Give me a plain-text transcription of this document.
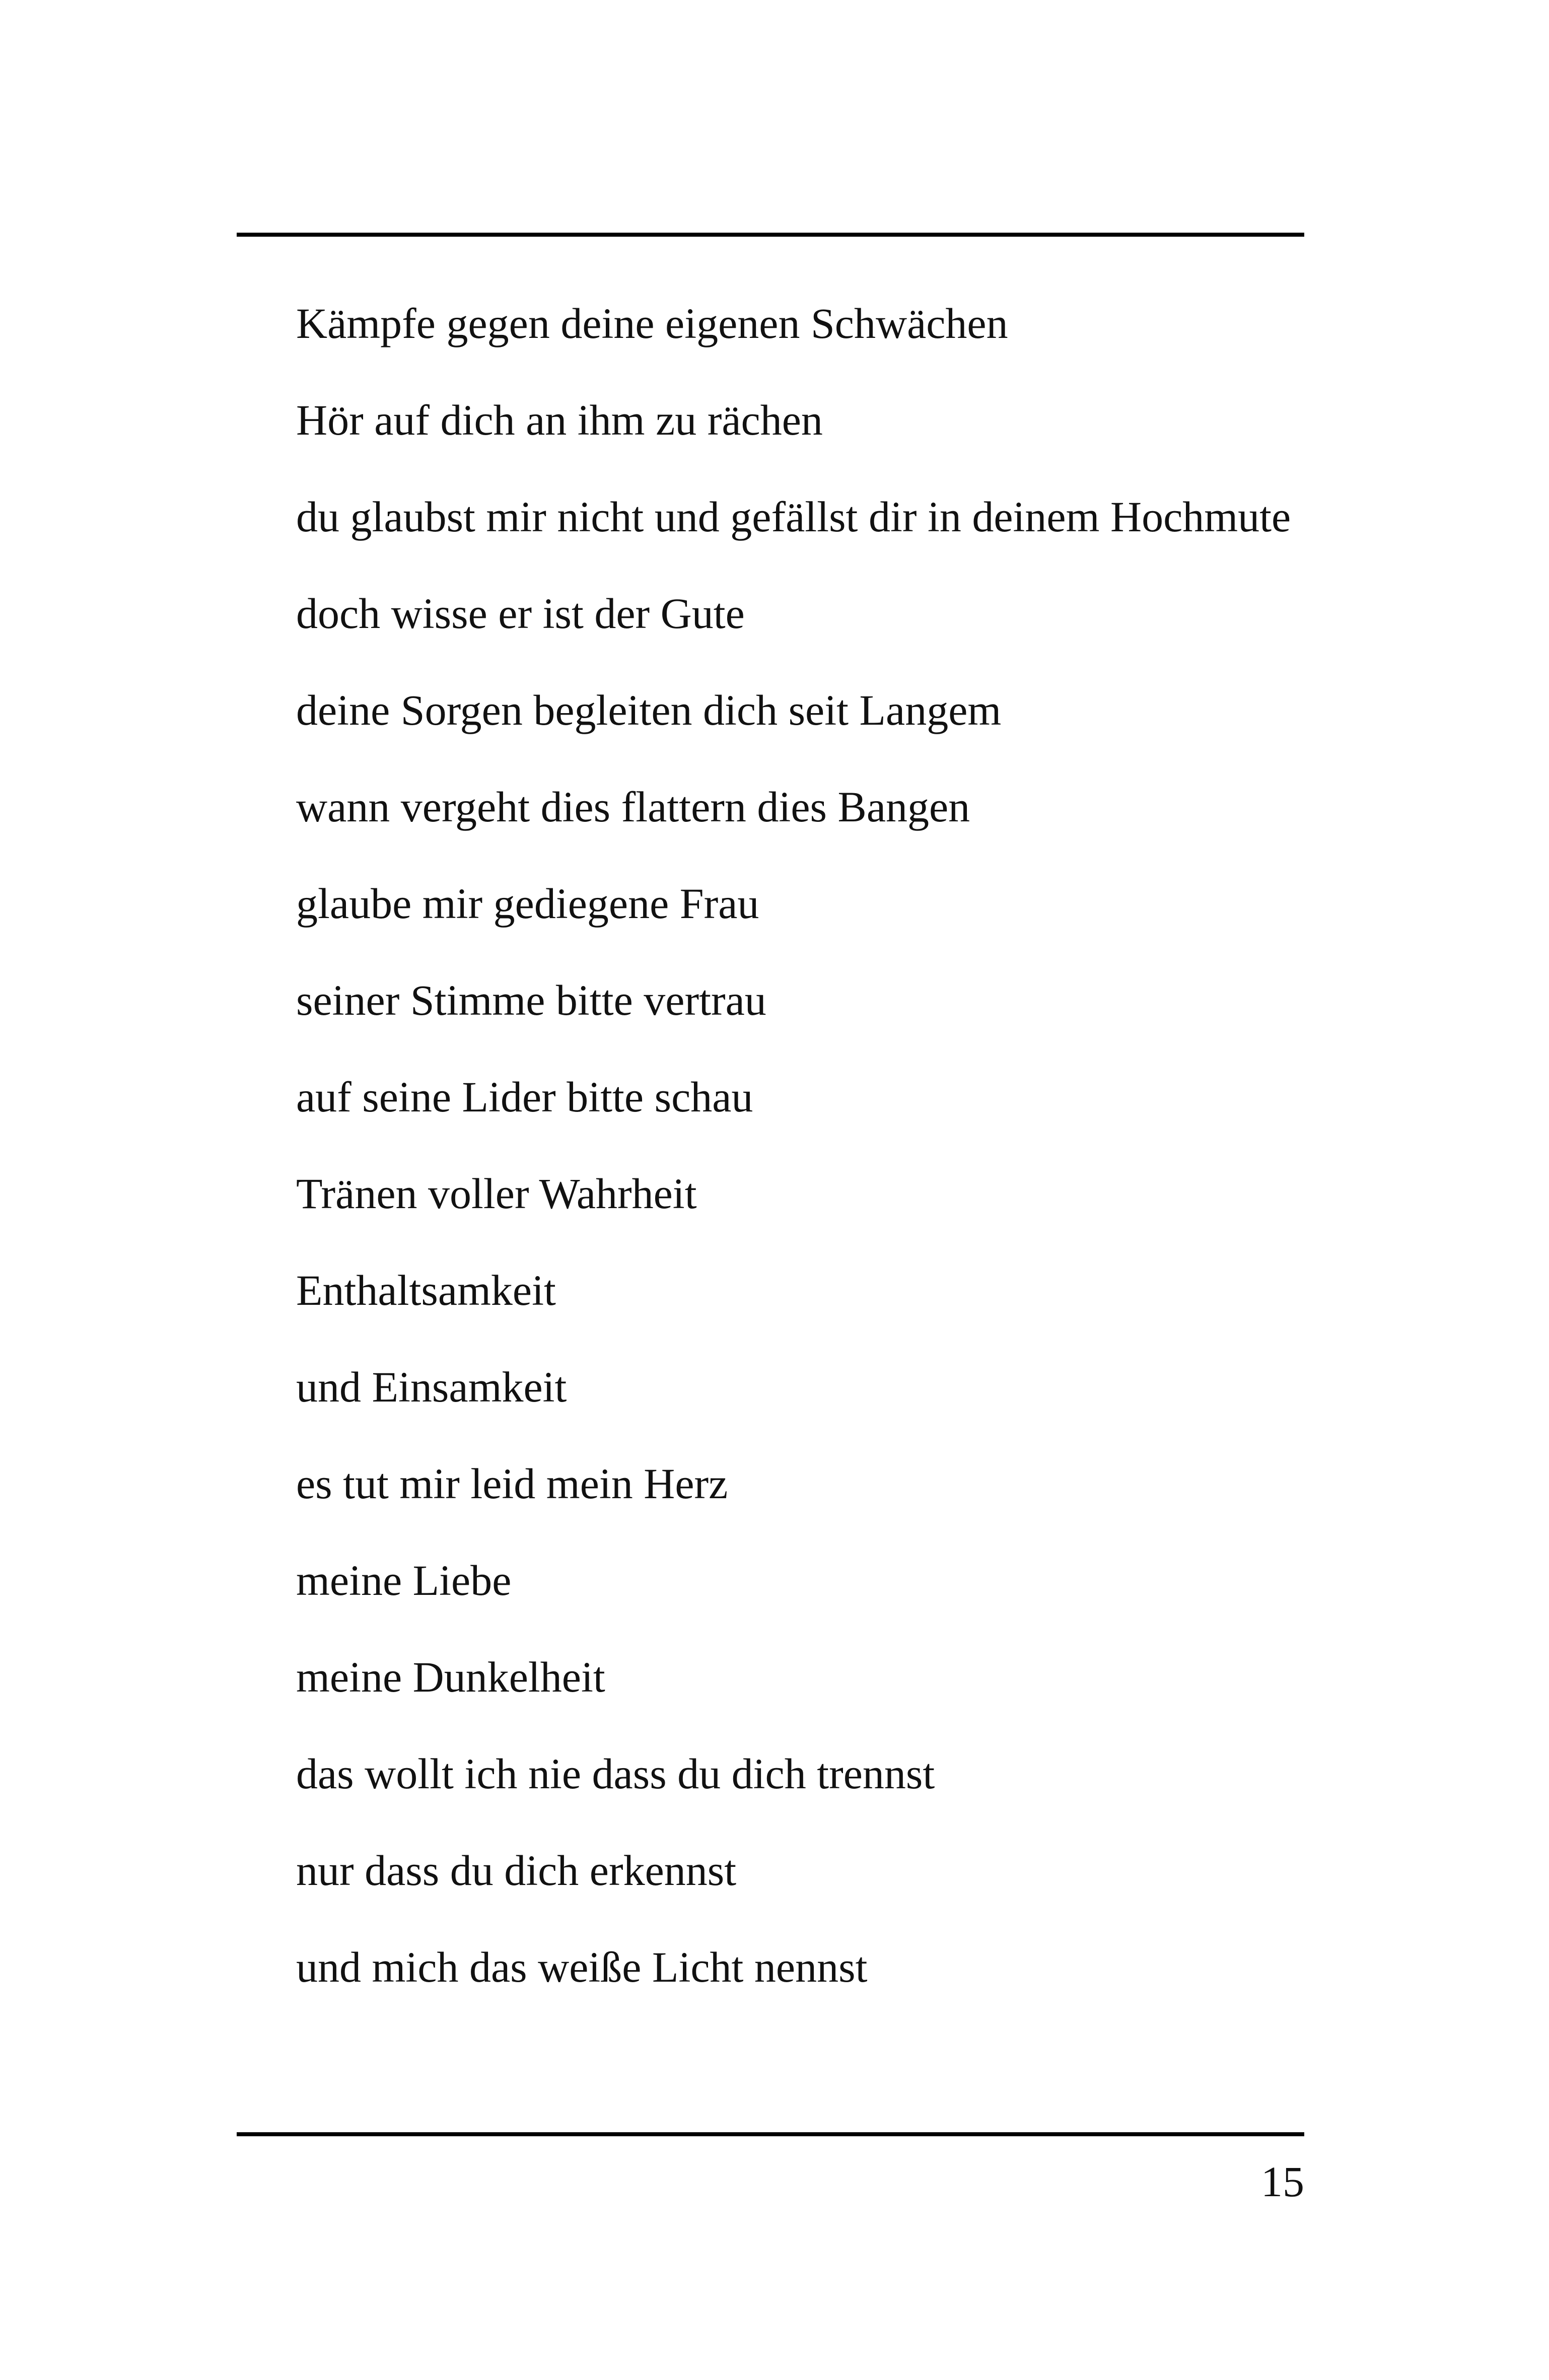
Kämpfe gegen deine eigenen Schwächen
Hör auf dich an ihm zu rächen
du glaubst mir nicht und gefällst dir in deinem Hochmute
doch wisse er ist der Gute
deine Sorgen begleiten dich seit Langem
wann vergeht dies flattern dies Bangen
glaube mir gediegene Frau
seiner Stimme bitte vertrau
auf seine Lider bitte schau
Tränen voller Wahrheit
Enthaltsamkeit
und Einsamkeit
es tut mir leid mein Herz
meine Liebe
meine Dunkelheit
das wollt ich nie dass du dich trennst
nur dass du dich erkennst
und mich das weiße Licht nennst
15
